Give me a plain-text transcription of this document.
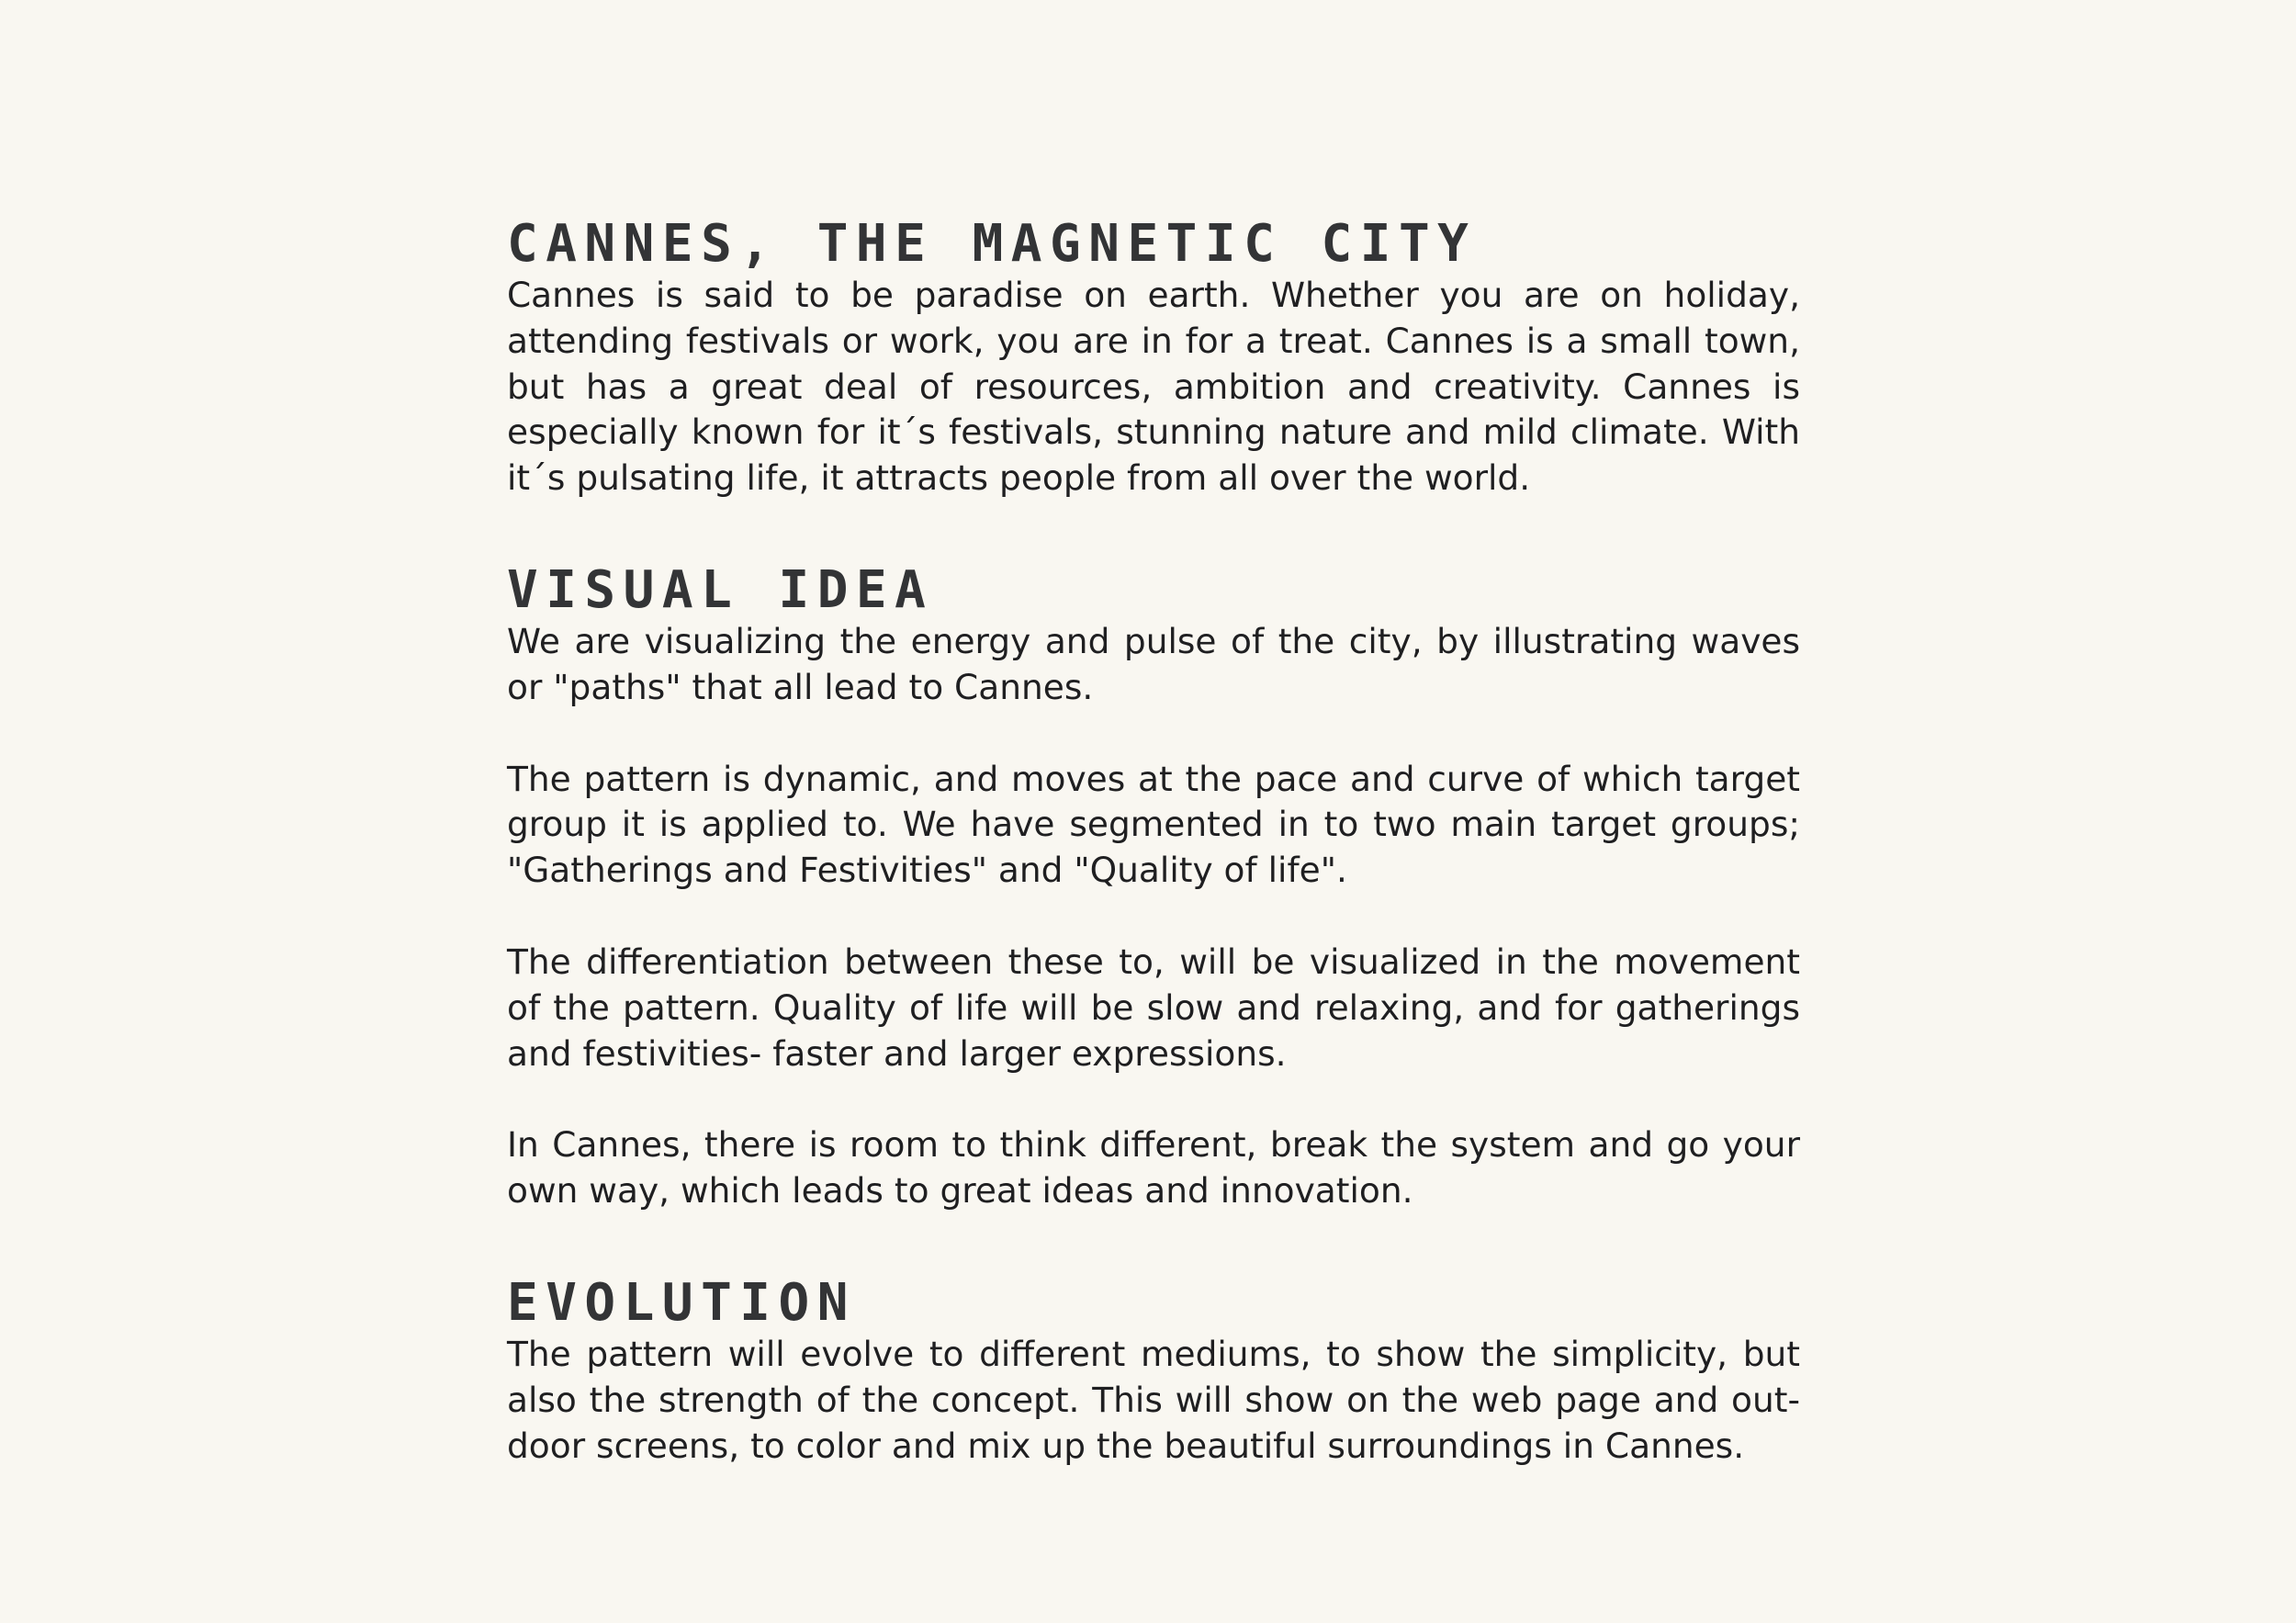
CANNES, THE MAGNETIC CITY

Cannes is said to be paradise on earth. Whether you are on holiday, attending festivals or work, you are in for a treat. Cannes is a small town, but has a great deal of resources, ambition and creativity. Cannes is especially known for it´s festivals, stunning nature and mild climate. With it´s pulsating life, it attracts people from all over the world.

VISUAL IDEA

We are visualizing the energy and pulse of the city, by illustrating waves or "paths" that all lead to Cannes.

The pattern is dynamic, and moves at the pace and curve of which target group it is applied to. We have segmented in to two main target groups; "Gatherings and Festivities" and "Quality of life".

The differentiation between these to, will be visualized in the movement of the pattern. Quality of life will be slow and relaxing, and for gatherings and festivities- faster and larger expressions.

In Cannes, there is room to think different, break the system and go your own way, which leads to great ideas and innovation.

EVOLUTION

The pattern will evolve to different mediums, to show the simplicity, but also the strength of the concept. This will show on the web page and out-door screens, to color and mix up the beautiful surroundings in Cannes.
